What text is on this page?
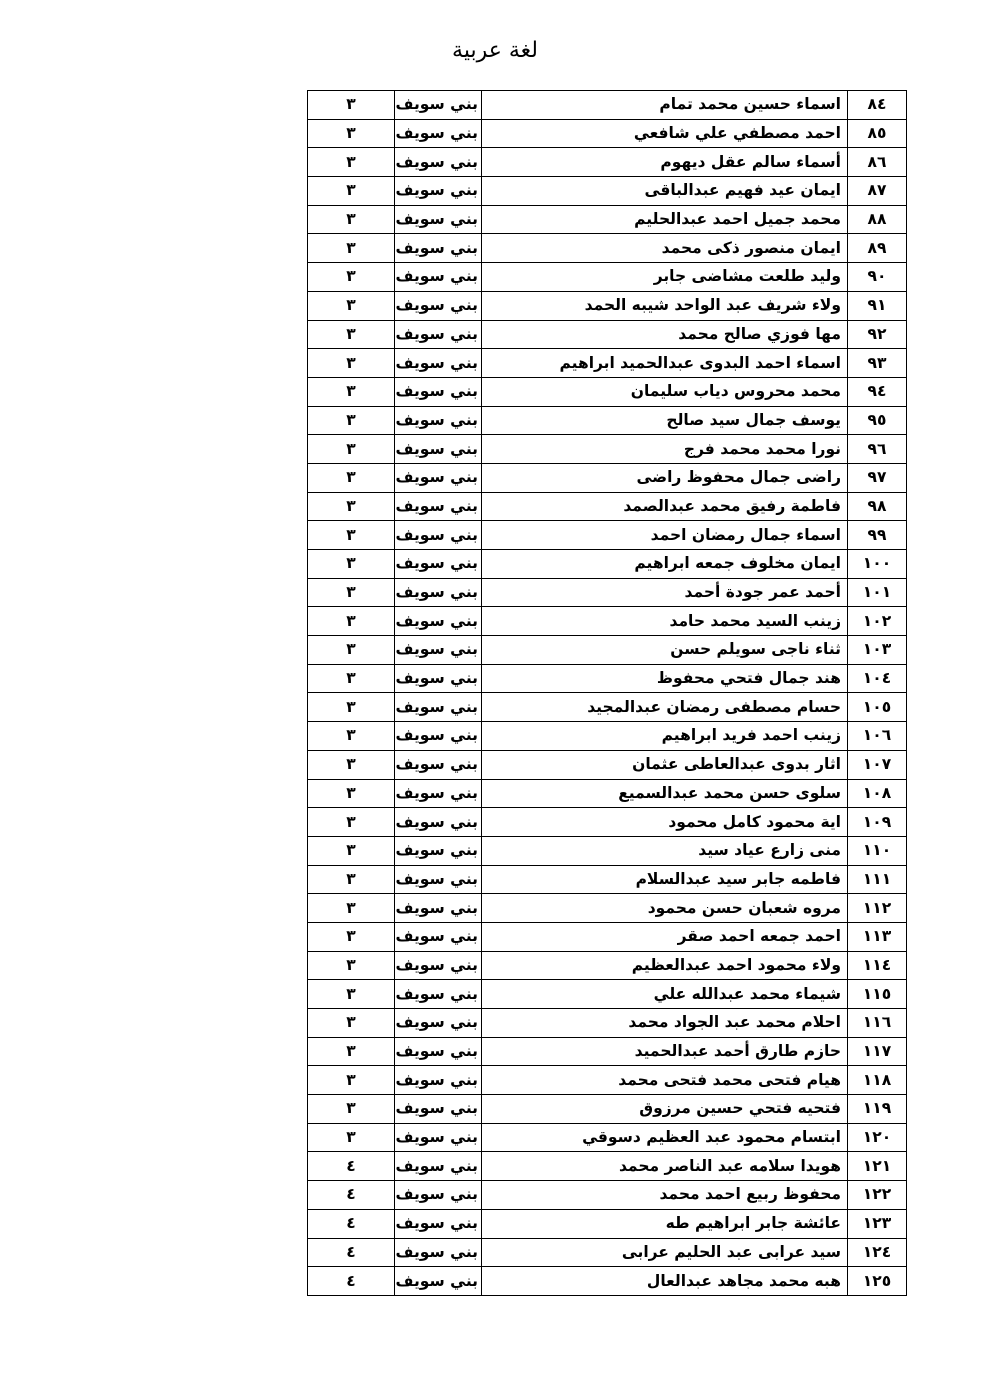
لغة عربية
٨٤	اسماء حسين محمد تمام	بني سويف	٣
٨٥	احمد مصطفي علي شافعي	بني سويف	٣
٨٦	أسماء سالم عقل ديهوم	بني سويف	٣
٨٧	ايمان عيد فهيم عبدالباقى	بني سويف	٣
٨٨	محمد جميل احمد عبدالحليم	بني سويف	٣
٨٩	ايمان منصور ذكى محمد	بني سويف	٣
٩٠	وليد طلعت مشاضى جابر	بني سويف	٣
٩١	ولاء شريف عبد الواحد شيبه الحمد	بني سويف	٣
٩٢	مها فوزي صالح محمد	بني سويف	٣
٩٣	اسماء احمد البدوى عبدالحميد ابراهيم	بني سويف	٣
٩٤	محمد محروس دياب سليمان	بني سويف	٣
٩٥	يوسف جمال سيد صالح	بني سويف	٣
٩٦	نورا محمد محمد فرج	بني سويف	٣
٩٧	راضى جمال محفوظ راضى	بني سويف	٣
٩٨	فاطمة رفيق محمد عبدالصمد	بني سويف	٣
٩٩	اسماء جمال رمضان احمد	بني سويف	٣
١٠٠	ايمان مخلوف جمعه ابراهيم	بني سويف	٣
١٠١	أحمد عمر جودة أحمد	بني سويف	٣
١٠٢	زينب السيد محمد حامد	بني سويف	٣
١٠٣	ثناء ناجى سويلم حسن	بني سويف	٣
١٠٤	هند جمال فتحي محفوظ	بني سويف	٣
١٠٥	حسام مصطفى رمضان عبدالمجيد	بني سويف	٣
١٠٦	زينب احمد فريد ابراهيم	بني سويف	٣
١٠٧	اثار بدوى عبدالعاطى عثمان	بني سويف	٣
١٠٨	سلوى حسن محمد عبدالسميع	بني سويف	٣
١٠٩	اية محمود كامل محمود	بني سويف	٣
١١٠	منى زارع عياد سيد	بني سويف	٣
١١١	فاطمه جابر سيد عبدالسلام	بني سويف	٣
١١٢	مروه شعبان حسن محمود	بني سويف	٣
١١٣	احمد جمعه احمد صقر	بني سويف	٣
١١٤	ولاء محمود احمد عبدالعظيم	بني سويف	٣
١١٥	شيماء محمد عبدالله علي	بني سويف	٣
١١٦	احلام محمد عبد الجواد محمد	بني سويف	٣
١١٧	حازم طارق أحمد عبدالحميد	بني سويف	٣
١١٨	هيام فتحى محمد فتحى محمد	بني سويف	٣
١١٩	فتحيه فتحي حسين مرزوق	بني سويف	٣
١٢٠	ابتسام محمود عبد العظيم دسوقي	بني سويف	٣
١٢١	هويدا سلامه عبد الناصر محمد	بني سويف	٤
١٢٢	محفوظ ربيع احمد محمد	بني سويف	٤
١٢٣	عائشة جابر ابراهيم طه	بني سويف	٤
١٢٤	سيد عرابى عبد الحليم عرابى	بني سويف	٤
١٢٥	هبه محمد مجاهد عبدالعال	بني سويف	٤
